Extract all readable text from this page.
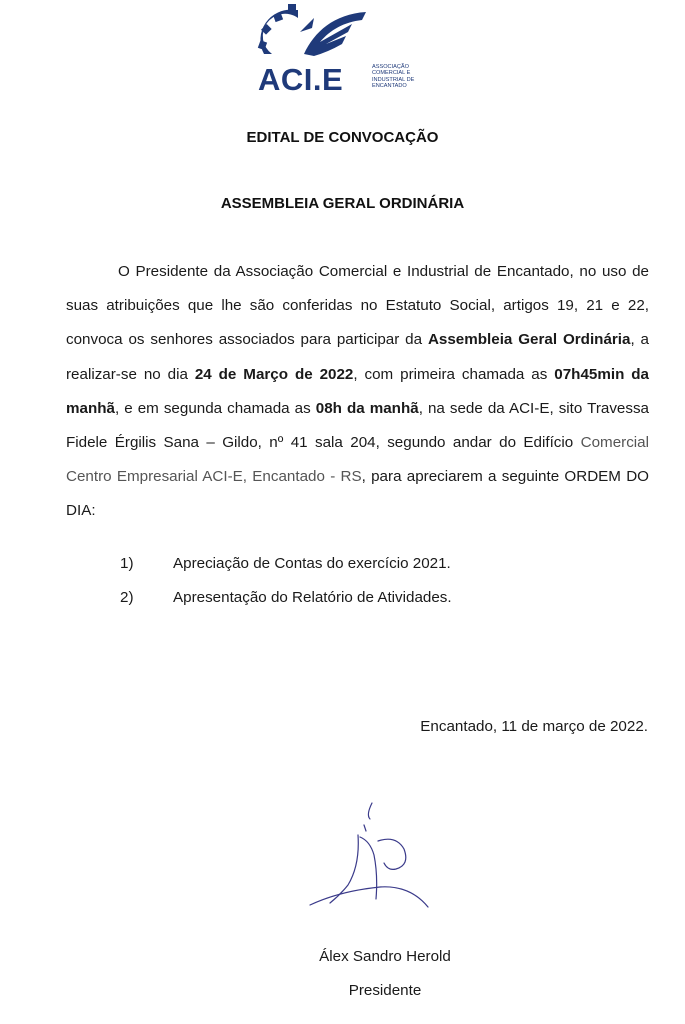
ACI.E	ASSOCIAÇÃO
COMERCIAL E
INDUSTRIAL DE
ENCANTADO
EDITAL DE CONVOCAÇÃO
ASSEMBLEIA GERAL ORDINÁRIA
O Presidente da Associação Comercial e Industrial de Encantado, no uso de suas atribuições que lhe são conferidas no Estatuto Social, artigos 19, 21 e 22, convoca os senhores associados para participar da Assembleia Geral Ordinária, a realizar-se no dia 24 de Março de 2022, com primeira chamada as 07h45min da manhã, e em segunda chamada as 08h da manhã, na sede da ACI-E, sito Travessa Fidele Érgilis Sana – Gildo, nº 41 sala 204, segundo andar do Edifício Comercial Centro Empresarial ACI-E, Encantado - RS, para apreciarem a seguinte ORDEM DO DIA:
1)	Apreciação de Contas do exercício 2021.
2)	Apresentação do Relatório de Atividades.
Encantado, 11 de março de 2022.
Álex Sandro Herold
Presidente
